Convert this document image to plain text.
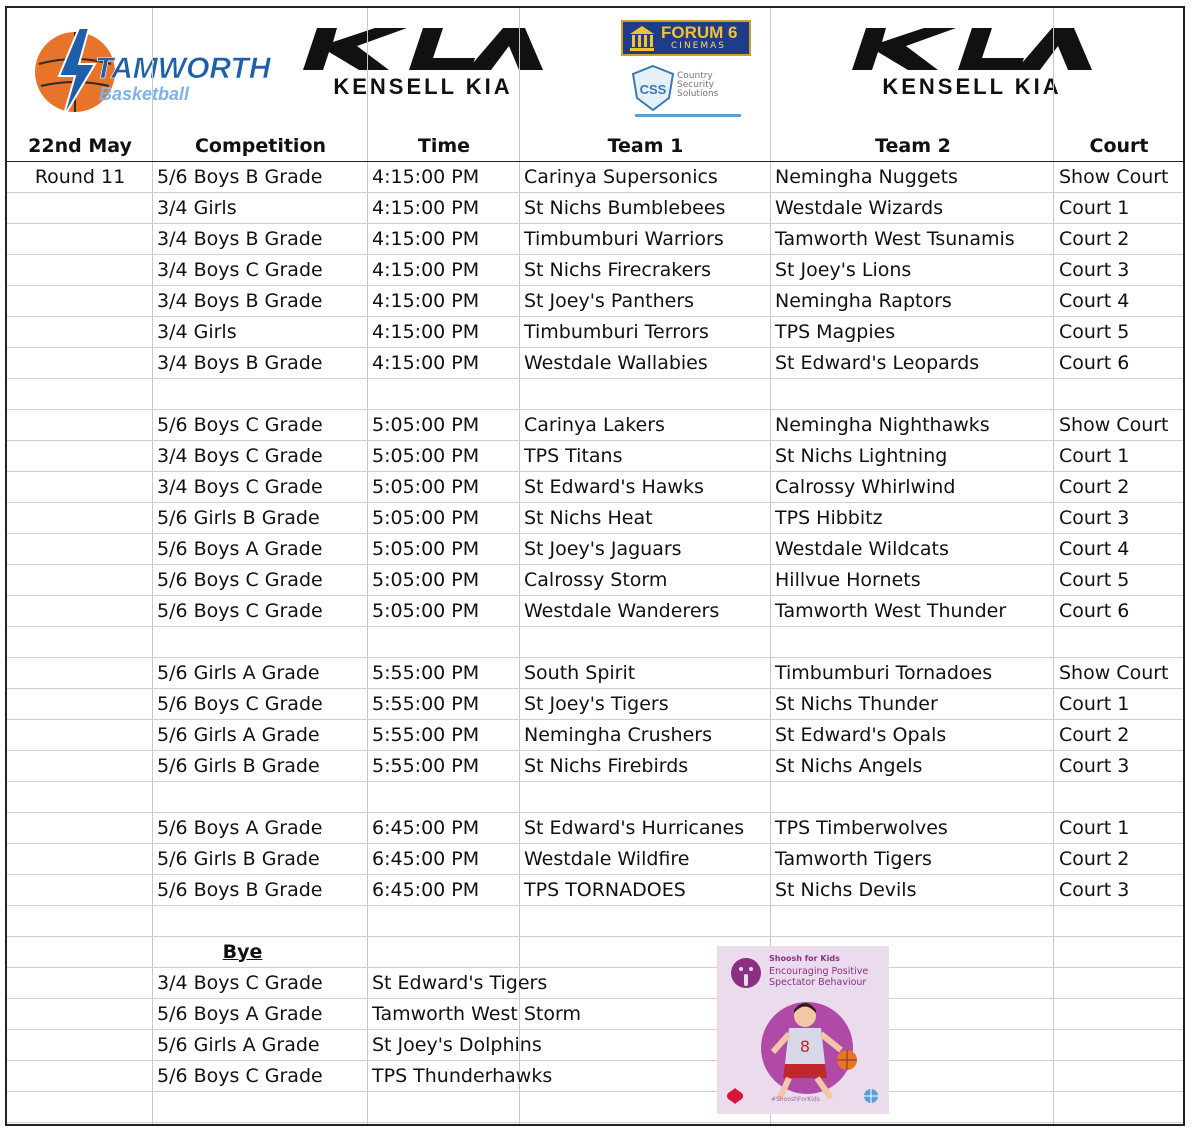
TAMWORTH
Basketball	KENSELL KIA	KENSELL KIA
FORUM 6
CINEMAS
CSS
Country
Security
Solutions
22nd May	Competition	Time	Team 1	Team 2	Court
Round 11	5/6 Boys B Grade	4:15:00 PM	Carinya Supersonics	Nemingha Nuggets	Show Court
	3/4 Girls	4:15:00 PM	St Nichs Bumblebees	Westdale Wizards	Court 1
	3/4 Boys B Grade	4:15:00 PM	Timbumburi Warriors	Tamworth West Tsunamis	Court 2
	3/4 Boys C Grade	4:15:00 PM	St Nichs Firecrakers	St Joey's Lions	Court 3
	3/4 Boys B Grade	4:15:00 PM	St Joey's Panthers	Nemingha Raptors	Court 4
	3/4 Girls	4:15:00 PM	Timbumburi Terrors	TPS Magpies	Court 5
	3/4 Boys B Grade	4:15:00 PM	Westdale Wallabies	St Edward's Leopards	Court 6

	5/6 Boys C Grade	5:05:00 PM	Carinya Lakers	Nemingha Nighthawks	Show Court
	3/4 Boys C Grade	5:05:00 PM	TPS Titans	St Nichs Lightning	Court 1
	3/4 Boys C Grade	5:05:00 PM	St Edward's Hawks	Calrossy Whirlwind	Court 2
	5/6 Girls B Grade	5:05:00 PM	St Nichs Heat	TPS Hibbitz	Court 3
	5/6 Boys A Grade	5:05:00 PM	St Joey's Jaguars	Westdale Wildcats	Court 4
	5/6 Boys C Grade	5:05:00 PM	Calrossy Storm	Hillvue Hornets	Court 5
	5/6 Boys C Grade	5:05:00 PM	Westdale Wanderers	Tamworth West Thunder	Court 6

	5/6 Girls A Grade	5:55:00 PM	South Spirit	Timbumburi Tornadoes	Show Court
	5/6 Boys C Grade	5:55:00 PM	St Joey's Tigers	St Nichs Thunder	Court 1
	5/6 Girls A Grade	5:55:00 PM	Nemingha Crushers	St Edward's Opals	Court 2
	5/6 Girls B Grade	5:55:00 PM	St Nichs Firebirds	St Nichs Angels	Court 3

	5/6 Boys A Grade	6:45:00 PM	St Edward's Hurricanes	TPS Timberwolves	Court 1
	5/6 Girls B Grade	6:45:00 PM	Westdale Wildfire	Tamworth Tigers	Court 2
	5/6 Boys B Grade	6:45:00 PM	TPS TORNADOES	St Nichs Devils	Court 3

	Bye				
	3/4 Boys C Grade	St Edward's Tigers			
	5/6 Boys A Grade	Tamworth West Storm			
	5/6 Girls A Grade	St Joey's Dolphins			
	5/6 Boys C Grade	TPS Thunderhawks			

Shoosh for Kids
Encouraging Positive Spectator Behaviour
8
#ShooshForKids
